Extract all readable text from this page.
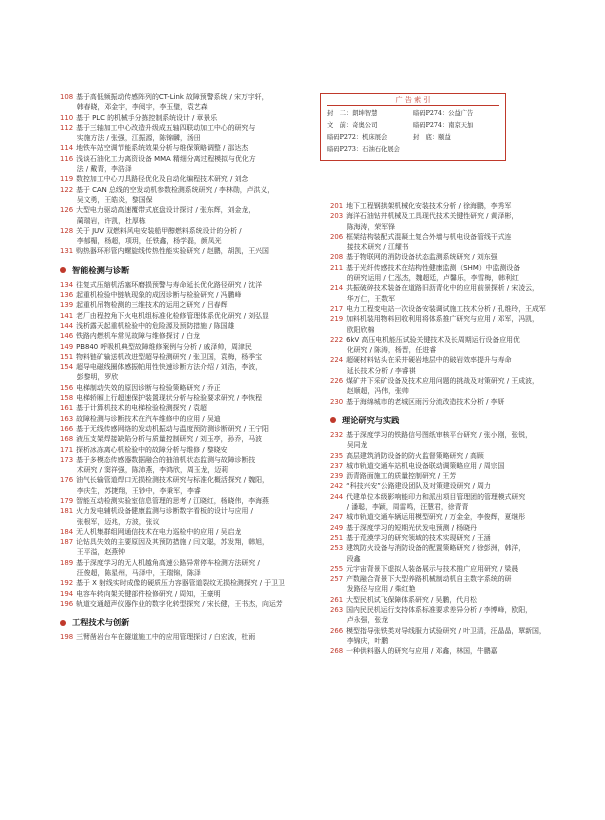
108 基于高低频振动传感阵列的CT-Link 故障预警系统 / 宋万宇轩，

　　韩春晓，邓金宇，李阅宇，李玉璧，袁艺森

110 基于 PLC 的机械手分拣控制系统设计 / 章景乐

112 基于三轴加工中心改造升级成五轴四联动加工中心的研究与

　　实施方法 / 张强，江振源，陈锦麟，汤田

114 地铁车站空调节能系统效果分析与维保策略调整 / 邵达杰

116 浅谈石油化工力离资设备 MMA 精细分离过程模拟与优化方

　　法 / 戴青，李浩泽

119 数控加工中心刀具路径优化及自动化编程技术研究 / 刘念

122 基于 CAN 总线的空发动机参数检测系统研究 / 李林勋，卢洪义，

　　吴文勇，王皓炎，黎国保

126 大型电力驱动高速覆带式底盘设计探讨 / 张东辉，刘金龙，

　　蔺瑞岩，许凯，杜厚栋

128 关于 JUV 双燃料风电安装船甲醇燃料系统设计的分析 /

　　李郁楣，杨超，项玥，任铁鑫，杨学磊，颜凤光

131 购热器环形管内螺旋线传热性能实验研究 / 赵鹏，胡凯，王兴国

智能检测与诊断

134 往复式压缩机活塞环磨损预警与寿命延长优化路径研究 / 沈洋

136 起重机检验中链轨现象的成因诊断与检验研究 / 冯鹏峰

139 起重机吊物检测的三维技术的运用之研究 / 吕春辉

141 老厂由程控角下火电机组标准化检修管理体系优化研究 / 刘弘显

144 浅析露天起重机检验中的危险源及预防措施 / 陈国雄

146 铁路内燃机车常见故障与维修探讨 / 白龙

149 PB840 呼吸机典型故障维修案例与分析 / 戚泽帅，周津民

151 物料链矿输送机改进型超导检测研究 / 张卫国，袁梅，杨季宝

154 超导电磁线圈体感振帕用性快速诊断方法介绍 / 刘浩，李波，

　　彭黎明，罗欣

156 电梯制动失效的原因诊断与检验策略研究 / 乔正

158 电梯轿厢上行超速保护装置现状分析与检验要求研究 / 李恢程

161 基于计算机技术的电梯检验检测探究 / 袁超

163 故障检测与诊断技术在汽车维修中的应用 / 吴迪

166 基于无线传感网络的发动机振动与温度预防测诊断研究 / 王宁阳

168 液压支架焊接缺陷分析与质量控制研究 / 刘玉亭，孙乔，马波

171 探析冰冻离心机检验中的故障分析与维修 / 黎晓安

173 基于多模态传感器数据融合的抽油机状态监测与故障诊断技

　　术研究 / 窦祥强，陈沛燕，李鸿欣，周玉龙，迈莉

176 油气长输管道焊口无损检测技术研究与标准化概活探究 / 魏阳，

　　李庆生，苏捷翔，王钞中，李秉军，李睿

179 智能互动检测实验室信息管理的思考 / 江晓红，杨晓伟，李海燕

181 火力发电辅机设备健康监测与诊断数字看板的设计与应用 /

　　张根军，迈兆，方波，张议

184 无人机集群组网通信技术在电力巡检中的应用 / 吴启龙

187 论钻具失效的主要原因及其预防措施 / 闫文聪，苏发翔，韩旭，

　　王平溢，赵燕钟

189 基于深度学习的无人机越角高速公路异常停车检测方法研究 /

　　汪俊超，陈星州，马泽中，王瑞锦，陈泽

192 基于 X 射线实时成像的硬质压力容器管道裂纹无损检测探究 / 于卫卫

194 电容车转向架关键部件检修研究 / 周知，王豪明

196 轨道交通超声仪器作业的数字化转型探究 / 宋长健，王书杰，向运芳

工程技术与创新

198 三臂凿岩台车在隧道施工中的应用管理探讨 / 白宏波，杜雨

广 告 索 引
封　二：朗坤智慧	暗码P274：公益广告
文　前：奇奥公司	暗码P274：南京天加
暗码P272：机床展会	封　底：颐益
暗码P273：石油石化展会

201 地下工程钢拱架机械化安装技术分析 / 徐海鹏，李秀军

203 海洋石油钻井机械及工具现代技术关键性研究 / 黄泽彬，

　　陈海涛，荣军锋

206 框架结构装配式混凝土复合外墙与机电设备管线干式连

　　接技术研究 / 江耀书

208 基于物联网的消防设备状态监测系统研究 / 刘东强

211 基于光纤传感技术在结构性健康监测（SHM）中监测设备

　　的研究运用 / 仁泓杰，魏超廷，卢馨乐，李雪梅，韩利红

214 共振破碎技术装备在道路旧沥青化中的应用前景探析 / 宋凌云，

　　华万仁，王数军

217 电力工程变电站一次设备安装调试施工技术分析 / 孔维玲，王成军

219 加料机装用物料回收利用将体系推广研究与应用 / 邓军，冯凯，

　　欧阳欣棉

222 6kV 高压电机能压试验关键技术及长周期运行设备应用优

　　化研究 / 陈涛，杨晋，任进睿

224 超硬材料钻头在采井硬岩地层中的破岩效率提升与寿命

　　延长技术分析 / 李睿祺

226 煤矿井下采矿设备及技术应用问题的挑战及对策研究 / 王成波，

　　赵顺超，冯伟，张帅

230 基于海绵城市的老城区雨污分流改造技术分析 / 李妍

理论研究与实践

232 基于深度学习的铁路信号图纸审核平台研究 / 张小刚，张锐，

　　吴同龙

235 高层建筑消防设备的防火监督策略研究 / 高顾

237 城市轨道交通车站机电设备联动调策略应用 / 周宗国

239 沥青路面施工的质量控制研究 / 王芳

242 “科技兴安”公路建设团队及对策建设研究 / 周力

244 代建单位本级影响能印力和派出项目管理团的管理模式研究

　　/ 潘聪，李颖，周雷鸣，汪慧君，徐青青

247 城市轨道交通车辆运用模型研究 / 万金金，李俊辉，夏继彤

249 基于深度学习的短期光伏发电预测 / 杨晓丹

251 基于荒漠学习的研究领域的技术实现研究 / 王涵

253 建筑防火设备与消防设备的配置策略研究 / 徐彭洲，韩洋，

　　段鑫

255 元宇宙背景下虚拟人装备展示与技术推广应用研究 / 梁晨

257 产数融合背景下大型养路机械制动机自主数字系统的研

　　发路径与应用 / 柴红艳

261 大型民机试飞保障体系研究 / 吴鹏，代月松

263 国内民民机运行支持体系标准要求差异分析 / 李博峰，欧阳，

　　卢永强，张龙

266 模型指导张铁类对导线服力试验研究 / 叶卫清，汪晶晶，覃新国，

　　李锦庆，叶鹏

268 一种供料器人的研究与应用 / 邓鑫，林国，牛鹏嘉
